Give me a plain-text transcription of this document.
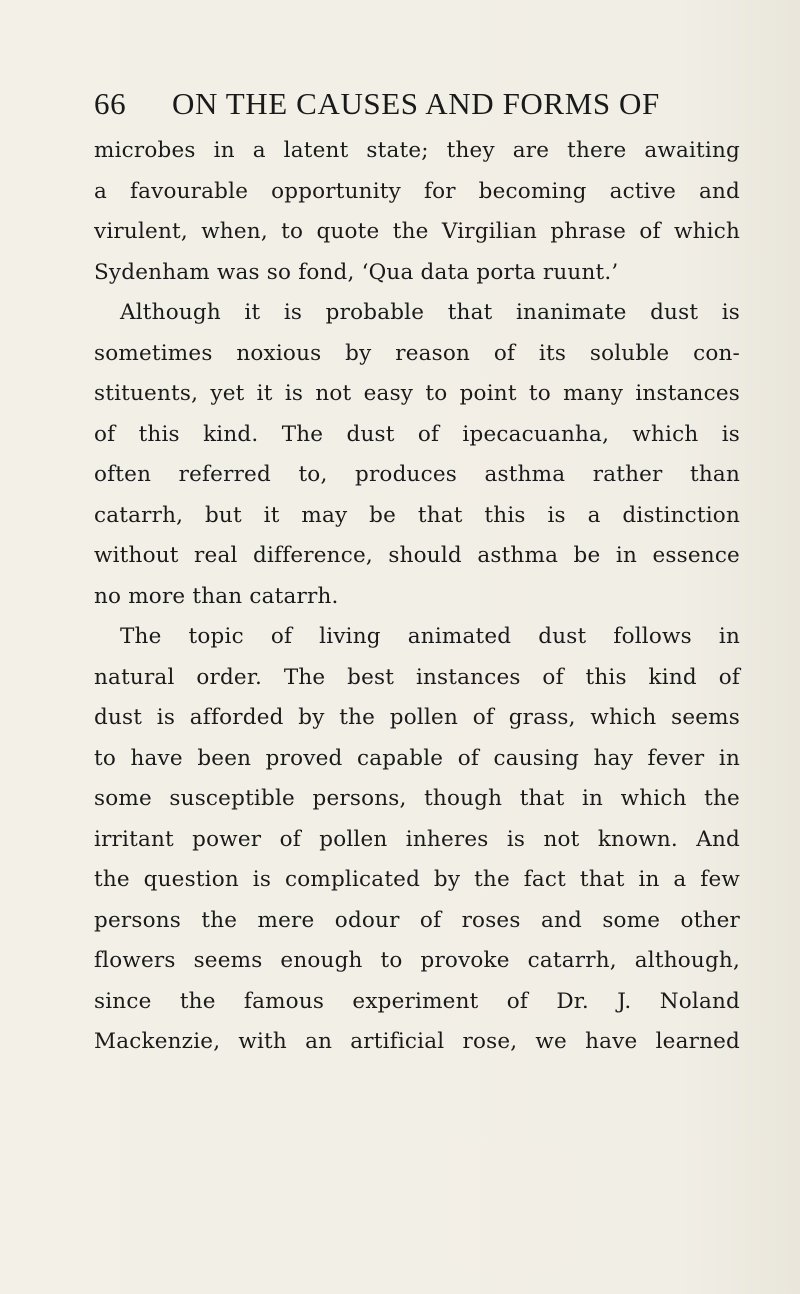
66	ON THE CAUSES AND FORMS OF
microbes in a latent state; they are there awaiting
a favourable opportunity for becoming active and
virulent, when, to quote the Virgilian phrase of which
Sydenham was so fond, ‘Qua data porta ruunt.’
Although it is probable that inanimate dust is
sometimes noxious by reason of its soluble con-
stituents, yet it is not easy to point to many instances
of this kind. The dust of ipecacuanha, which is
often referred to, produces asthma rather than
catarrh, but it may be that this is a distinction
without real difference, should asthma be in essence
no more than catarrh.
The topic of living animated dust follows in
natural order. The best instances of this kind of
dust is afforded by the pollen of grass, which seems
to have been proved capable of causing hay fever in
some susceptible persons, though that in which the
irritant power of pollen inheres is not known. And
the question is complicated by the fact that in a few
persons the mere odour of roses and some other
flowers seems enough to provoke catarrh, although,
since the famous experiment of Dr. J. Noland
Mackenzie, with an artificial rose, we have learned
